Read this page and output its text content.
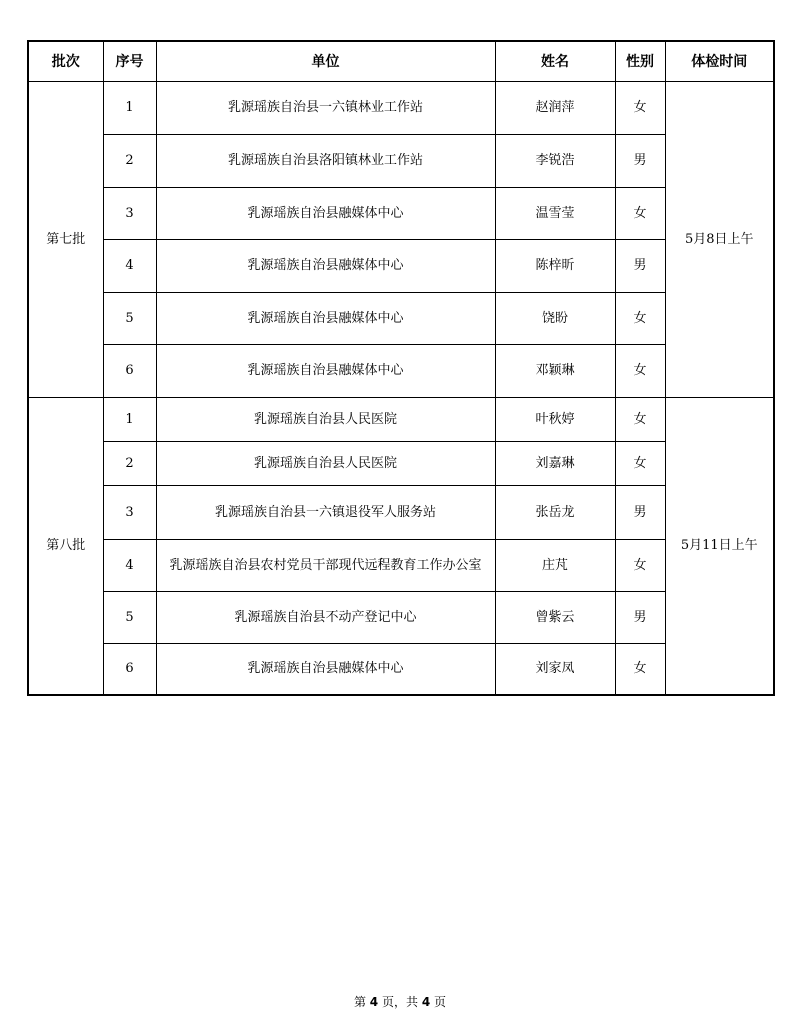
批次	序号	单位	姓名	性别	体检时间
第七批	1	乳源瑶族自治县一六镇林业工作站	赵润萍	女	5月8日上午
	2	乳源瑶族自治县洛阳镇林业工作站	李锐浩	男	
	3	乳源瑶族自治县融媒体中心	温雪莹	女	
	4	乳源瑶族自治县融媒体中心	陈梓昕	男	
	5	乳源瑶族自治县融媒体中心	饶盼	女	
	6	乳源瑶族自治县融媒体中心	邓颖琳	女	
第八批	1	乳源瑶族自治县人民医院	叶秋婷	女	5月11日上午
	2	乳源瑶族自治县人民医院	刘嘉琳	女	
	3	乳源瑶族自治县一六镇退役军人服务站	张岳龙	男	
	4	乳源瑶族自治县农村党员干部现代远程教育工作办公室	庄芃	女	
	5	乳源瑶族自治县不动产登记中心	曾紫云	男	
	6	乳源瑶族自治县融媒体中心	刘家凤	女	
第 4 页，共 4 页
